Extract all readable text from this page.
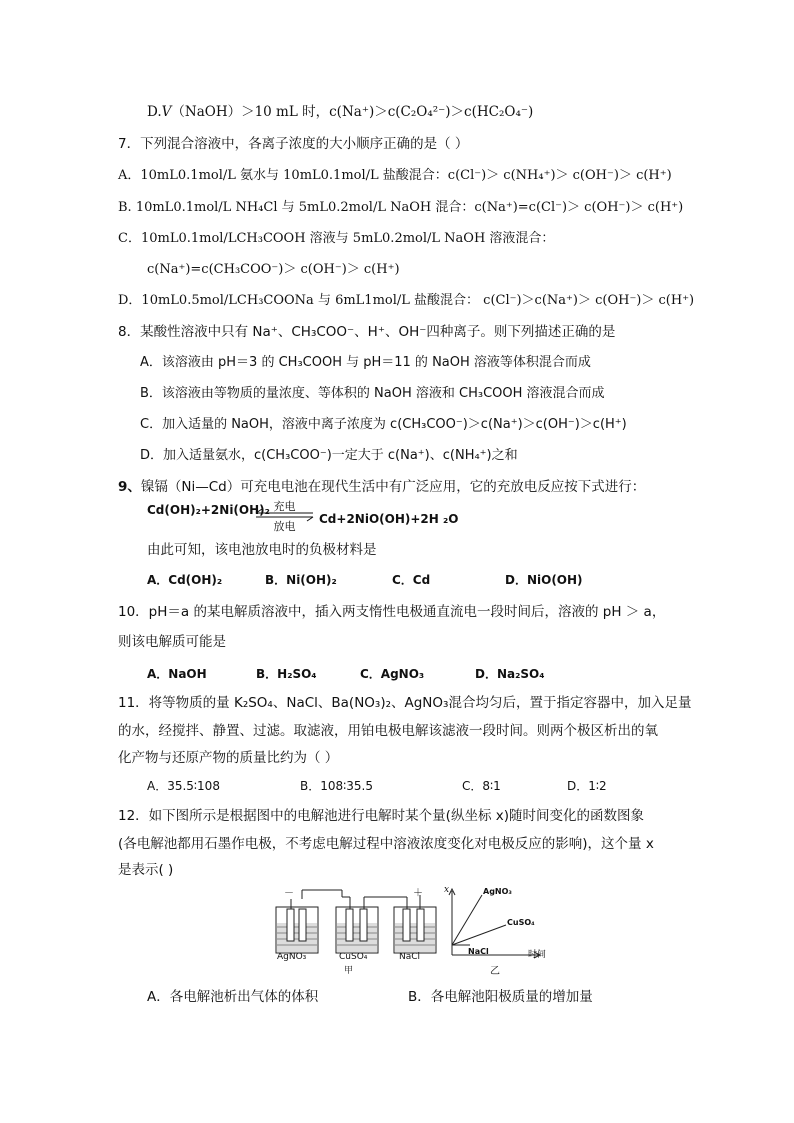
D.V（NaOH）＞10 mL 时，c(Na⁺)＞c(C₂O₄²⁻)＞c(HC₂O₄⁻)
7．下列混合溶液中，各离子浓度的大小顺序正确的是（ ）
A．10mL0.1mol/L 氨水与 10mL0.1mol/L 盐酸混合：c(Cl⁻)＞ c(NH₄⁺)＞ c(OH⁻)＞ c(H⁺)
B. 10mL0.1mol/L NH₄Cl 与 5mL0.2mol/L NaOH 混合：c(Na⁺)=c(Cl⁻)＞ c(OH⁻)＞ c(H⁺)
C．10mL0.1mol/LCH₃COOH 溶液与 5mL0.2mol/L NaOH 溶液混合：
c(Na⁺)=c(CH₃COO⁻)＞ c(OH⁻)＞ c(H⁺)
D．10mL0.5mol/LCH₃COONa 与 6mL1mol/L 盐酸混合： c(Cl⁻)＞c(Na⁺)＞ c(OH⁻)＞ c(H⁺)
8．某酸性溶液中只有 Na⁺、CH₃COO⁻、H⁺、OH⁻四种离子。则下列描述正确的是
A．该溶液由 pH＝3 的 CH₃COOH 与 pH＝11 的 NaOH 溶液等体积混合而成
B．该溶液由等物质的量浓度、等体积的 NaOH 溶液和 CH₃COOH 溶液混合而成
C．加入适量的 NaOH，溶液中离子浓度为 c(CH₃COO⁻)＞c(Na⁺)＞c(OH⁻)＞c(H⁺)
D．加入适量氨水，c(CH₃COO⁻)一定大于 c(Na⁺)、c(NH₄⁺)之和
9、镍镉（Ni—Cd）可充电电池在现代生活中有广泛应用，它的充放电反应按下式进行：
Cd(OH)₂+2Ni(OH)₂ 充电
放电
Cd+2NiO(OH)+2H ₂O
由此可知，该电池放电时的负极材料是
A．Cd(OH)₂	B．Ni(OH)₂	C．Cd	D．NiO(OH)
10．pH＝a 的某电解质溶液中，插入两支惰性电极通直流电一段时间后，溶液的 pH ＞ a，
则该电解质可能是
A．NaOH	B．H₂SO₄	C．AgNO₃	D．Na₂SO₄
11．将等物质的量 K₂SO₄、NaCl、Ba(NO₃)₂、AgNO₃混合均匀后，置于指定容器中，加入足量
的水，经搅拌、静置、过滤。取滤液，用铂电极电解该滤液一段时间。则两个极区析出的氧
化产物与还原产物的质量比约为（ ）
A．35.5∶108	B．108∶35.5	C．8∶1	D．1∶2
12．如下图所示是根据图中的电解池进行电解时某个量(纵坐标 x)随时间变化的函数图象
(各电解池都用石墨作电极，不考虑电解过程中溶液浓度变化对电极反应的影响)，这个量 x
是表示( )
－	＋
AgNO₃	CuSO₄	NaCl
甲
x	AgNO₃
CuSO₄
NaCl	时间
乙
A．各电解池析出气体的体积	B．各电解池阳极质量的增加量
